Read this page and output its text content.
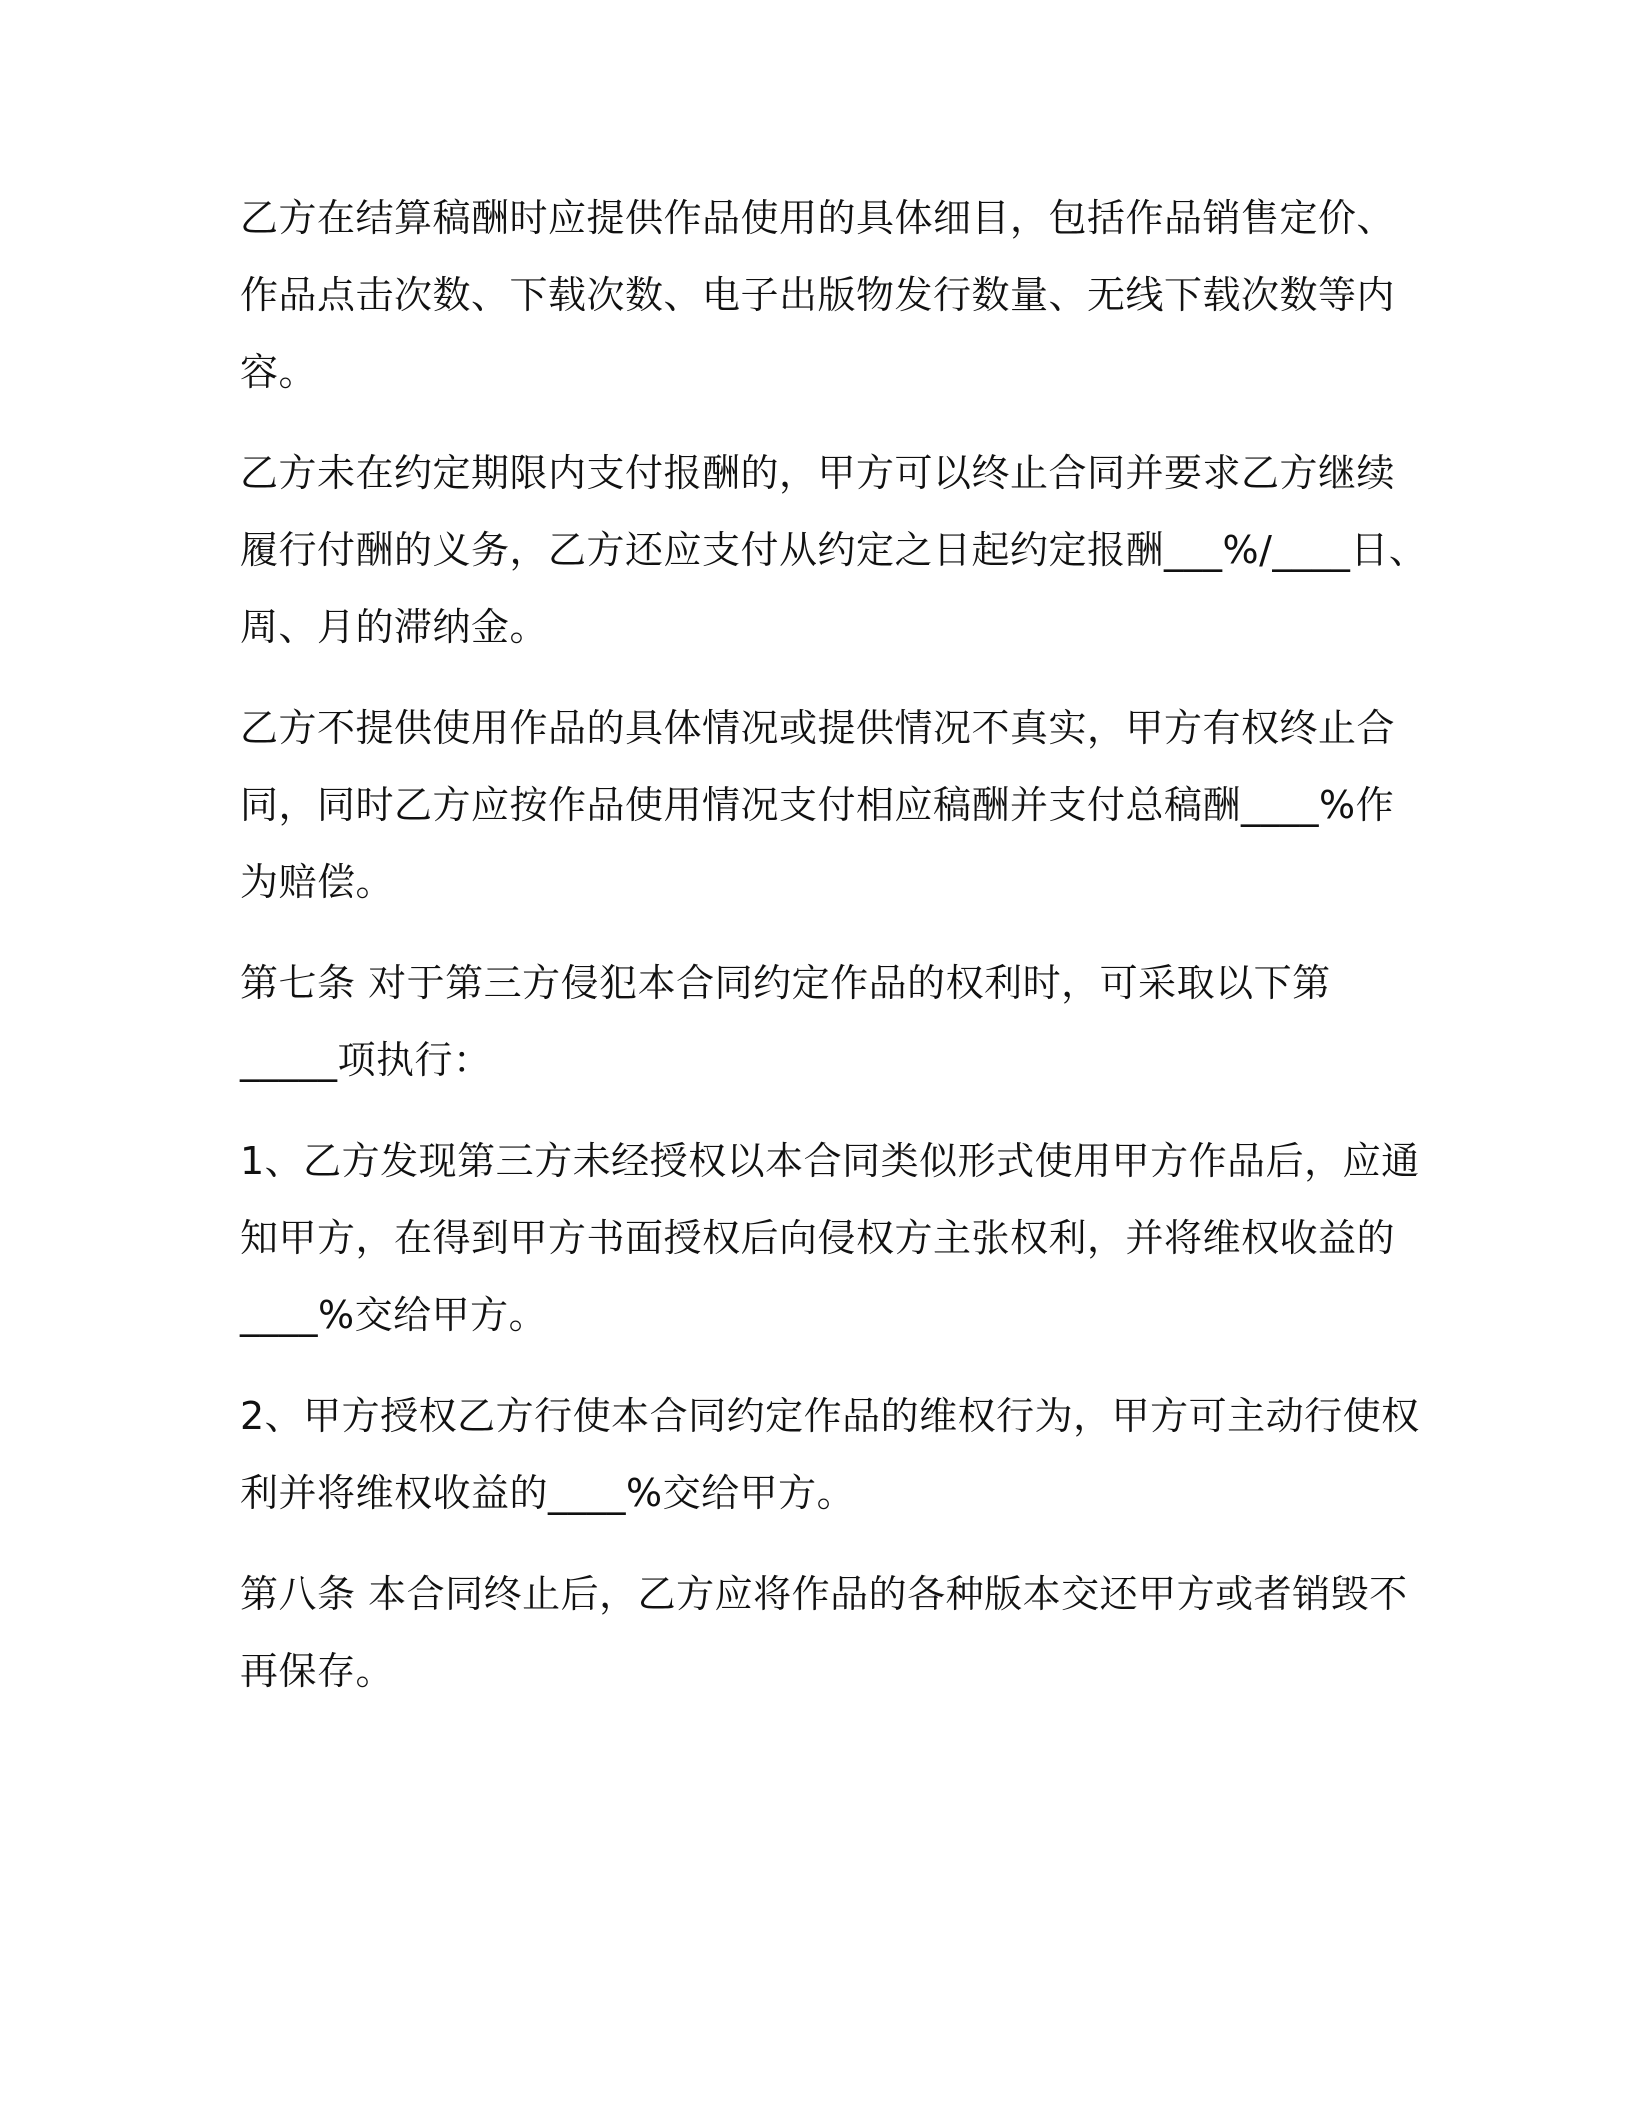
乙方在结算稿酬时应提供作品使用的具体细目，包括作品销售定价、
作品点击次数、下载次数、电子出版物发行数量、无线下载次数等内
容。

乙方未在约定期限内支付报酬的，甲方可以终止合同并要求乙方继续
履行付酬的义务，乙方还应支付从约定之日起约定报酬___%/____日、
周、月的滞纳金。

乙方不提供使用作品的具体情况或提供情况不真实，甲方有权终止合
同，同时乙方应按作品使用情况支付相应稿酬并支付总稿酬____%作
为赔偿。

第七条 对于第三方侵犯本合同约定作品的权利时，可采取以下第
_____项执行：

1、乙方发现第三方未经授权以本合同类似形式使用甲方作品后，应通
知甲方，在得到甲方书面授权后向侵权方主张权利，并将维权收益的
____%交给甲方。

2、甲方授权乙方行使本合同约定作品的维权行为，甲方可主动行使权
利并将维权收益的____%交给甲方。

第八条 本合同终止后，乙方应将作品的各种版本交还甲方或者销毁不
再保存。
